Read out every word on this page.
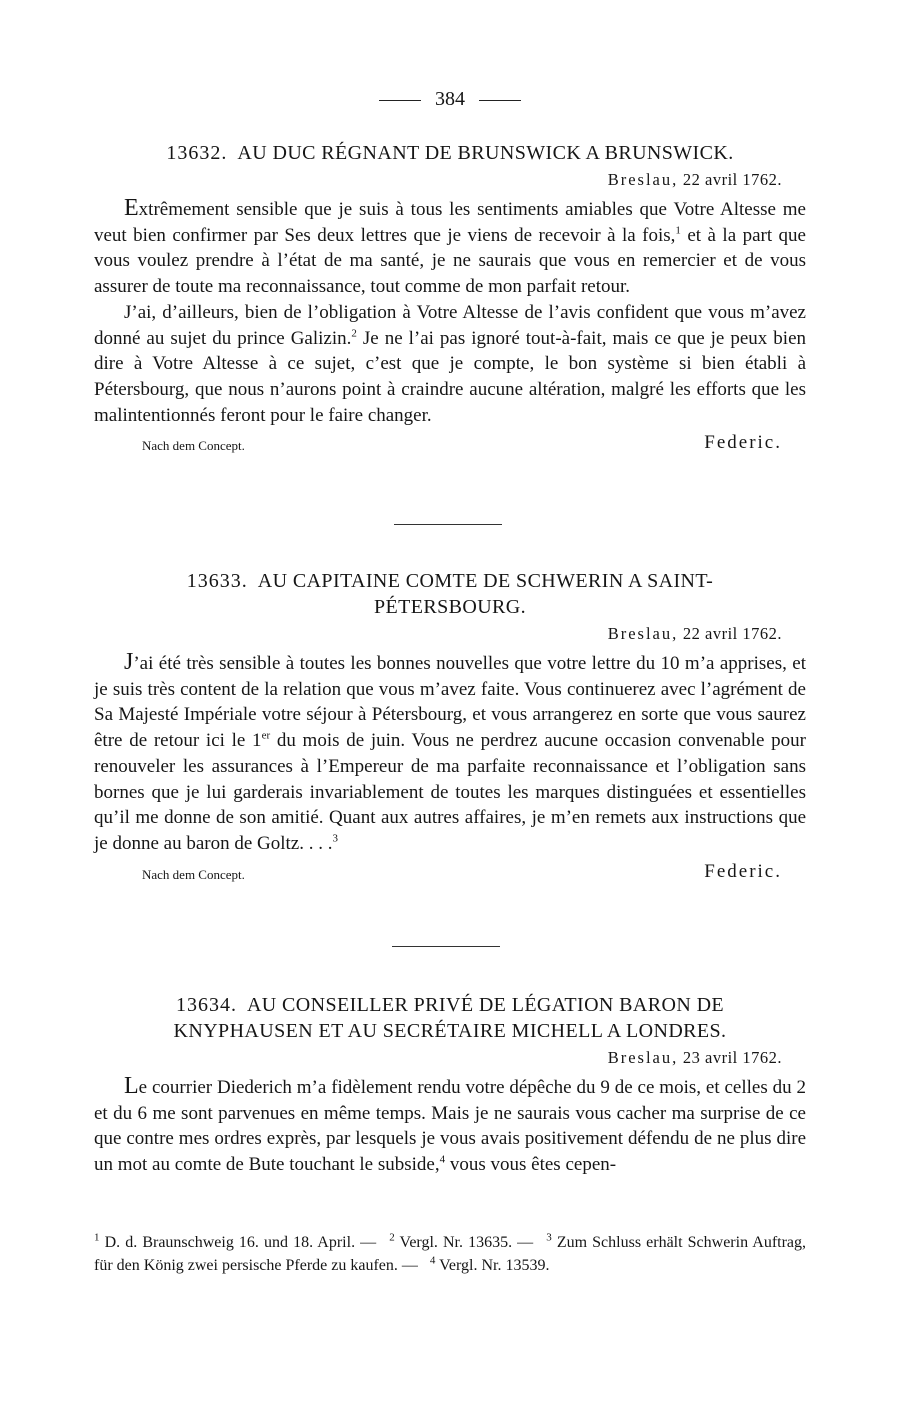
384
13632. AU DUC RÉGNANT DE BRUNSWICK A BRUNSWICK.
Breslau, 22 avril 1762.

Extrêmement sensible que je suis à tous les sentiments amiables que Votre Altesse me veut bien confirmer par Ses deux lettres que je viens de recevoir à la fois,$^1$ et à la part que vous voulez prendre à l’état de ma santé, je ne saurais que vous en remercier et de vous assurer de toute ma reconnaissance, tout comme de mon parfait retour.

J’ai, d’ailleurs, bien de l’obligation à Votre Altesse de l’avis confident que vous m’avez donné au sujet du prince Galizin.$^2$ Je ne l’ai pas ignoré tout-à-fait, mais ce que je peux bien dire à Votre Altesse à ce sujet, c’est que je compte, le bon système si bien établi à Pétersbourg, que nous n’aurons point à craindre aucune altération, malgré les efforts que les malintentionnés feront pour le faire changer.

Nach dem Concept.	Federic.
13633. AU CAPITAINE COMTE DE SCHWERIN A SAINT-PÉTERSBOURG.
Breslau, 22 avril 1762.

J’ai été très sensible à toutes les bonnes nouvelles que votre lettre du 10 m’a apprises, et je suis très content de la relation que vous m’avez faite. Vous continuerez avec l’agrément de Sa Majesté Impériale votre séjour à Pétersbourg, et vous arrangerez en sorte que vous saurez être de retour ici le 1er du mois de juin. Vous ne perdrez aucune occasion convenable pour renouveler les assurances à l’Empereur de ma parfaite reconnaissance et l’obligation sans bornes que je lui garderais invariablement de toutes les marques distinguées et essentielles qu’il me donne de son amitié. Quant aux autres affaires, je m’en remets aux instructions que je donne au baron de Goltz. . . .$^3$

Nach dem Concept.	Federic.
13634. AU CONSEILLER PRIVÉ DE LÉGATION BARON DE KNYPHAUSEN ET AU SECRÉTAIRE MICHELL A LONDRES.
Breslau, 23 avril 1762.

Le courrier Diederich m’a fidèlement rendu votre dépêche du 9 de ce mois, et celles du 2 et du 6 me sont parvenues en même temps. Mais je ne saurais vous cacher ma surprise de ce que contre mes ordres exprès, par lesquels je vous avais positivement défendu de ne plus dire un mot au comte de Bute touchant le subside,$^4$ vous vous êtes cepen-

$^1$ D. d. Braunschweig 16. und 18. April. — $^2$ Vergl. Nr. 13635. — $^3$ Zum Schluss erhält Schwerin Auftrag, für den König zwei persische Pferde zu kaufen. — $^4$ Vergl. Nr. 13539.
